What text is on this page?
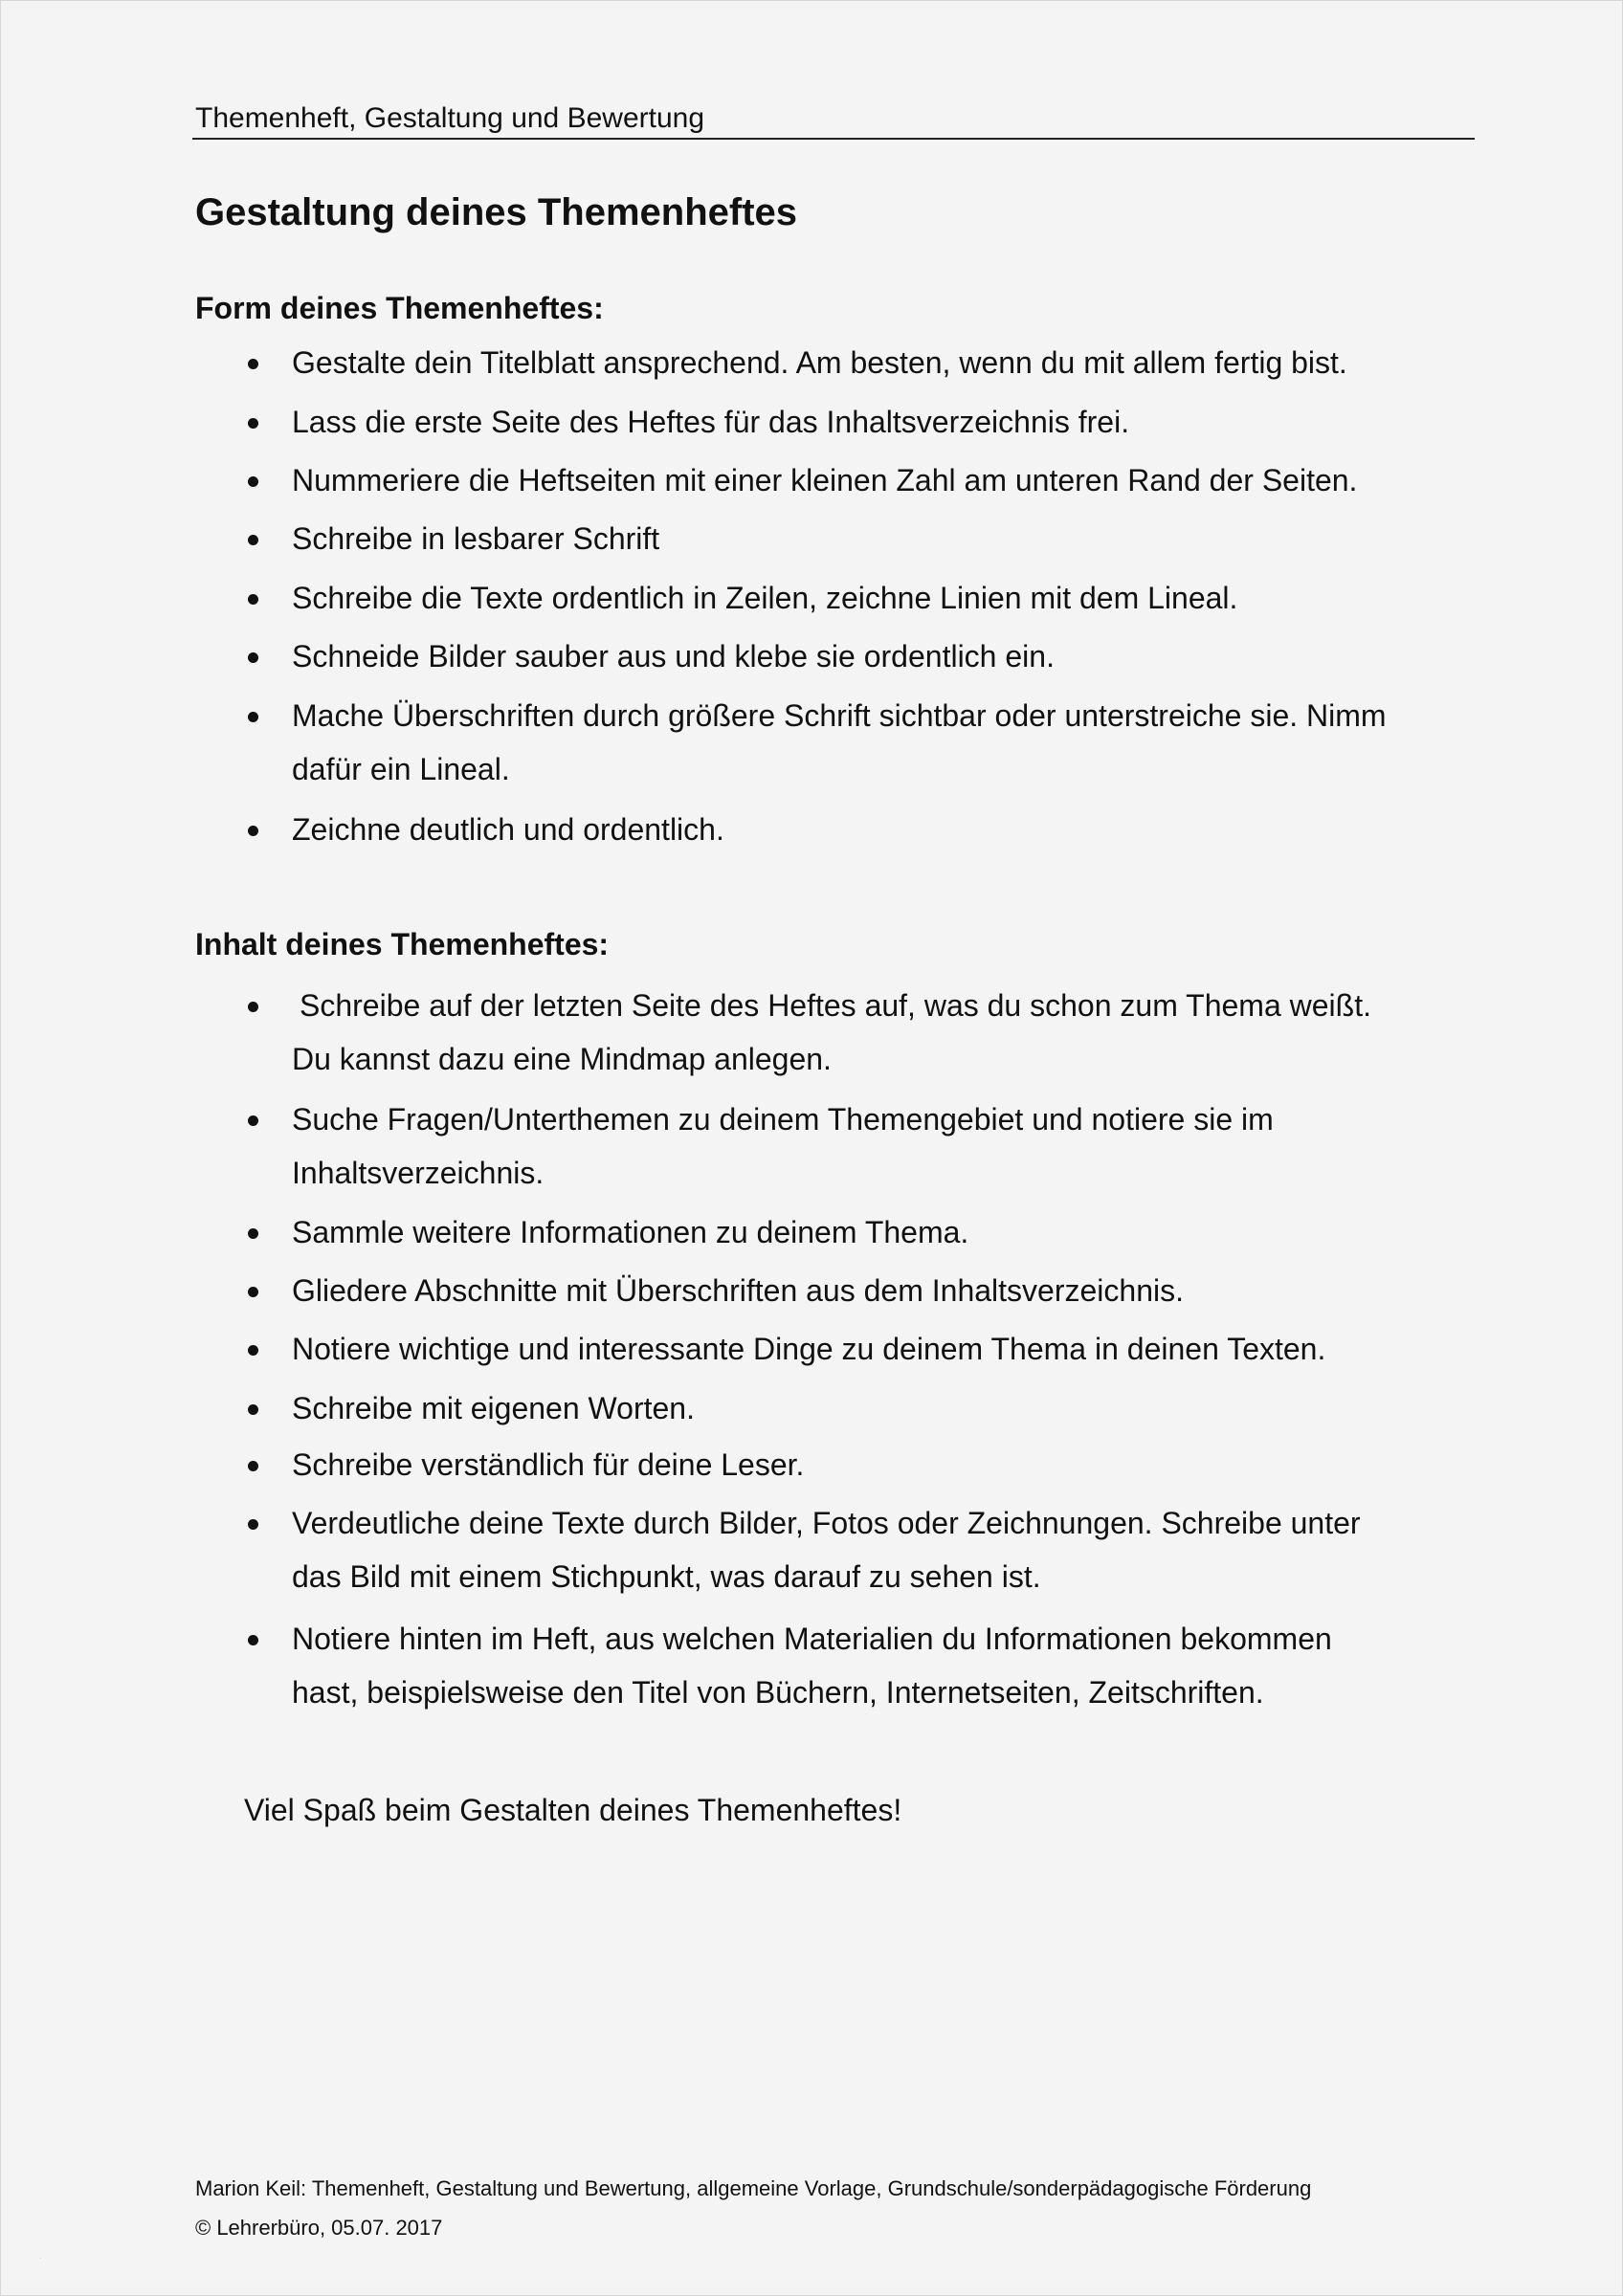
Themenheft, Gestaltung und Bewertung
Gestaltung deines Themenheftes
Form deines Themenheftes:
Gestalte dein Titelblatt ansprechend. Am besten, wenn du mit allem fertig bist.
Lass die erste Seite des Heftes für das Inhaltsverzeichnis frei.
Nummeriere die Heftseiten mit einer kleinen Zahl am unteren Rand der Seiten.
Schreibe in lesbarer Schrift
Schreibe die Texte ordentlich in Zeilen, zeichne Linien mit dem Lineal.
Schneide Bilder sauber aus und klebe sie ordentlich ein.
Mache Überschriften durch größere Schrift sichtbar oder unterstreiche sie. Nimm
dafür ein Lineal.
Zeichne deutlich und ordentlich.
Inhalt deines Themenheftes:
Schreibe auf der letzten Seite des Heftes auf, was du schon zum Thema weißt.
Du kannst dazu eine Mindmap anlegen.
Suche Fragen/Unterthemen zu deinem Themengebiet und notiere sie im
Inhaltsverzeichnis.
Sammle weitere Informationen zu deinem Thema.
Gliedere Abschnitte mit Überschriften aus dem Inhaltsverzeichnis.
Notiere wichtige und interessante Dinge zu deinem Thema in deinen Texten.
Schreibe mit eigenen Worten.
Schreibe verständlich für deine Leser.
Verdeutliche deine Texte durch Bilder, Fotos oder Zeichnungen. Schreibe unter
das Bild mit einem Stichpunkt, was darauf zu sehen ist.
Notiere hinten im Heft, aus welchen Materialien du Informationen bekommen
hast, beispielsweise den Titel von Büchern, Internetseiten, Zeitschriften.
Viel Spaß beim Gestalten deines Themenheftes!
Marion Keil: Themenheft, Gestaltung und Bewertung, allgemeine Vorlage, Grundschule/sonderpädagogische Förderung
© Lehrerbüro, 05.07. 2017
.
